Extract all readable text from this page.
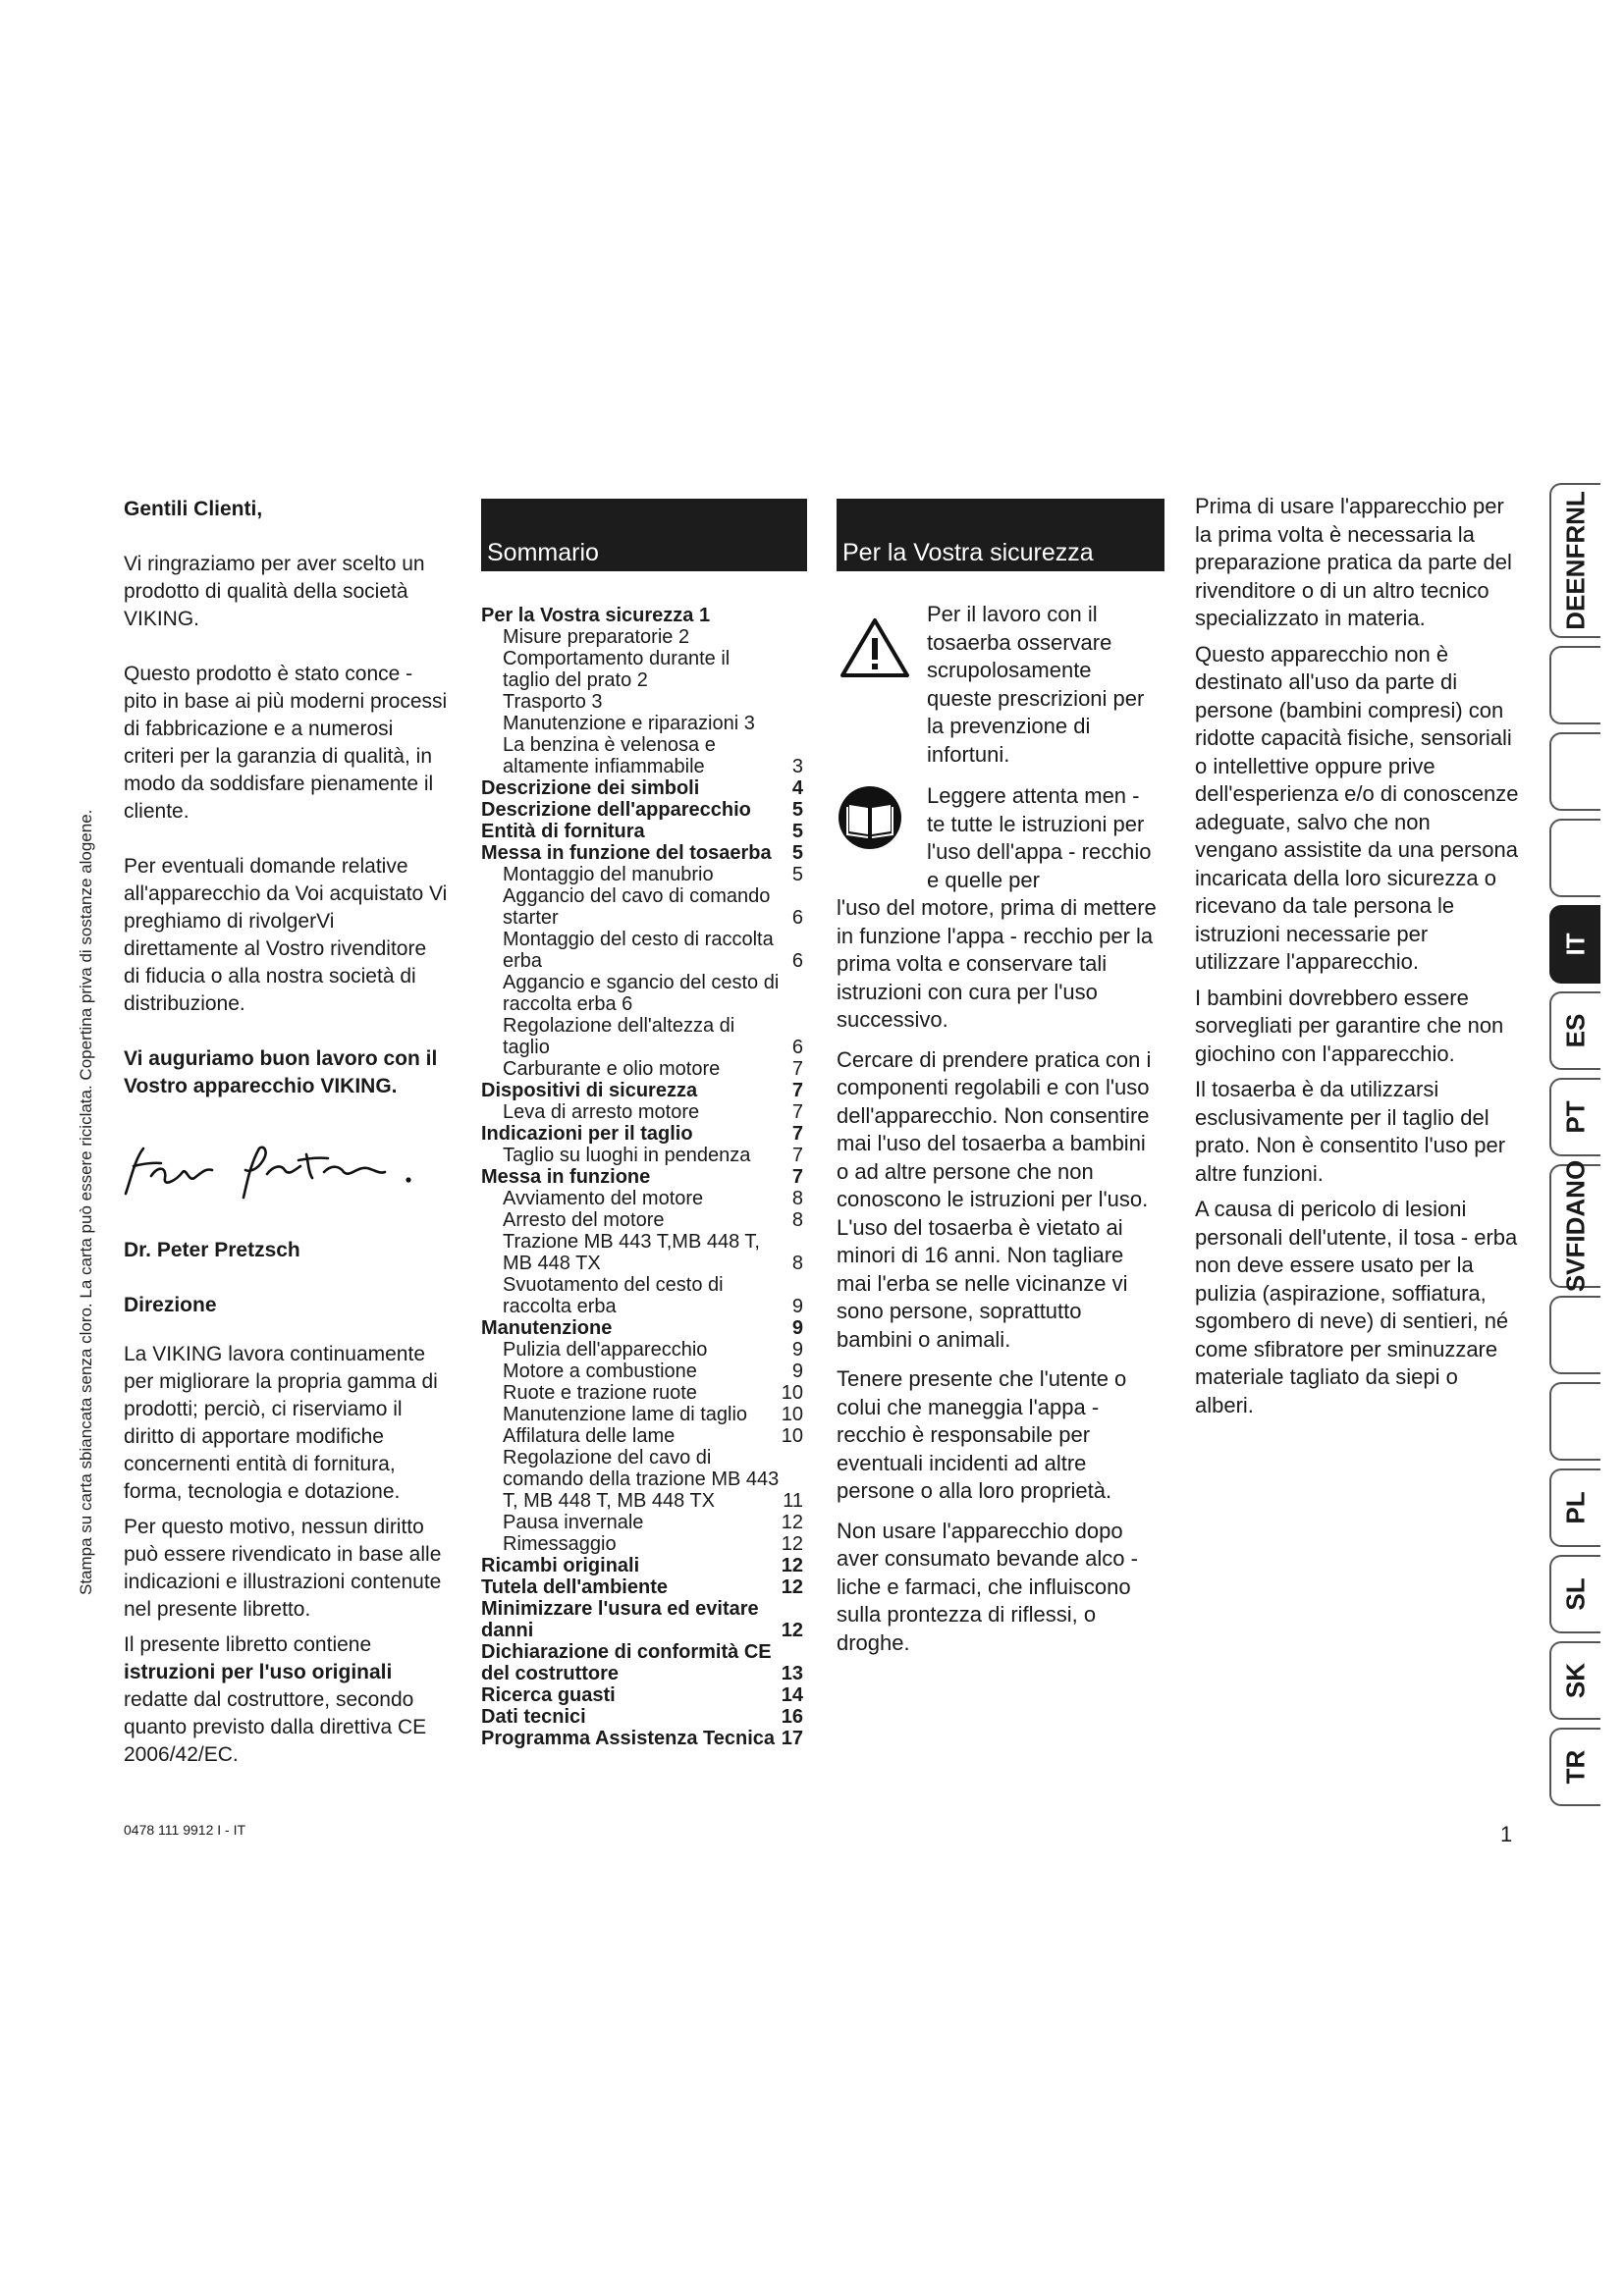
Stampa su carta sbiancata senza cloro. La carta può essere riciclata. Copertina priva di sostanze alogene.

Gentili Clienti,

Vi ringraziamo per aver scelto un prodotto di qualità della società VIKING.

Questo prodotto è stato conce - pito in base ai più moderni processi di fabbricazione e a numerosi criteri per la garanzia di qualità, in modo da soddisfare pienamente il cliente.

Per eventuali domande relative all'apparecchio da Voi acquistato Vi preghiamo di rivolgerVi direttamente al Vostro rivenditore di fiducia o alla nostra società di distribuzione.

Vi auguriamo buon lavoro con il Vostro apparecchio VIKING.

Dr. Peter Pretzsch

Direzione

La VIKING lavora continuamente per migliorare la propria gamma di prodotti; perciò, ci riserviamo il diritto di apportare modifiche concernenti entità di fornitura, forma, tecnologia e dotazione.

Per questo motivo, nessun diritto può essere rivendicato in base alle indicazioni e illustrazioni contenute nel presente libretto.

Il presente libretto contiene istruzioni per l'uso originali redatte dal costruttore, secondo quanto previsto dalla direttiva CE 2006/42/EC.

0478 111 9912 I - IT
Sommario
Per la Vostra sicurezza 1
Misure preparatorie 2
Comportamento durante il taglio del prato 2
Trasporto 3
Manutenzione e riparazioni 3
La benzina è velenosa e altamente infiammabile	3
Descrizione dei simboli	4
Descrizione dell'apparecchio	5
Entità di fornitura	5
Messa in funzione del tosaerba	5
Montaggio del manubrio	5
Aggancio del cavo di comando starter	6
Montaggio del cesto di raccolta erba	6
Aggancio e sgancio del cesto di raccolta erba 6
Regolazione dell'altezza di taglio	6
Carburante e olio motore	7
Dispositivi di sicurezza	7
Leva di arresto motore	7
Indicazioni per il taglio	7
Taglio su luoghi in pendenza	7
Messa in funzione	7
Avviamento del motore	8
Arresto del motore	8
Trazione MB 443 T,MB 448 T, MB 448 TX	8
Svuotamento del cesto di raccolta erba	9
Manutenzione	9
Pulizia dell'apparecchio	9
Motore a combustione	9
Ruote e trazione ruote	10
Manutenzione lame di taglio	10
Affilatura delle lame	10
Regolazione del cavo di comando della trazione MB 443 T, MB 448 T, MB 448 TX	11
Pausa invernale	12
Rimessaggio	12
Ricambi originali	12
Tutela dell'ambiente	12
Minimizzare l'usura ed evitare danni	12
Dichiarazione di conformità CE del costruttore	13
Ricerca guasti	14
Dati tecnici	16
Programma Assistenza Tecnica 17
Per la Vostra sicurezza

Per il lavoro con il tosaerba osservare scrupolosamente queste prescrizioni per la prevenzione di infortuni.

Leggere attenta men - te tutte le istruzioni per l'uso dell'appa - recchio e quelle per

l'uso del motore, prima di mettere in funzione l'appa - recchio per la prima volta e conservare tali istruzioni con cura per l'uso successivo.

Cercare di prendere pratica con i componenti regolabili e con l'uso dell'apparecchio. Non consentire mai l'uso del tosaerba a bambini o ad altre persone che non conoscono le istruzioni per l'uso. L'uso del tosaerba è vietato ai minori di 16 anni. Non tagliare mai l'erba se nelle vicinanze vi sono persone, soprattutto bambini o animali.

Tenere presente che l'utente o colui che maneggia l'appa - recchio è responsabile per eventuali incidenti ad altre persone o alla loro proprietà.

Non usare l'apparecchio dopo aver consumato bevande alco - liche e farmaci, che influiscono sulla prontezza di riflessi, o droghe.

Prima di usare l'apparecchio per la prima volta è necessaria la preparazione pratica da parte del rivenditore o di un altro tecnico specializzato in materia.

Questo apparecchio non è destinato all'uso da parte di persone (bambini compresi) con ridotte capacità fisiche, sensoriali o intellettive oppure prive dell'esperienza e/o di conoscenze adeguate, salvo che non vengano assistite da una persona incaricata della loro sicurezza o ricevano da tale persona le istruzioni necessarie per utilizzare l'apparecchio.

I bambini dovrebbero essere sorvegliati per garantire che non giochino con l'apparecchio.

Il tosaerba è da utilizzarsi esclusivamente per il taglio del prato. Non è consentito l'uso per altre funzioni.

A causa di pericolo di lesioni personali dell'utente, il tosa - erba non deve essere usato per la pulizia (aspirazione, soffiatura, sgombero di neve) di sentieri, né come sfibratore per sminuzzare materiale tagliato da siepi o alberi.

DEENFRNL
IT
ES
PT
SVFIDANO
PL
SL
SK
TR
1
